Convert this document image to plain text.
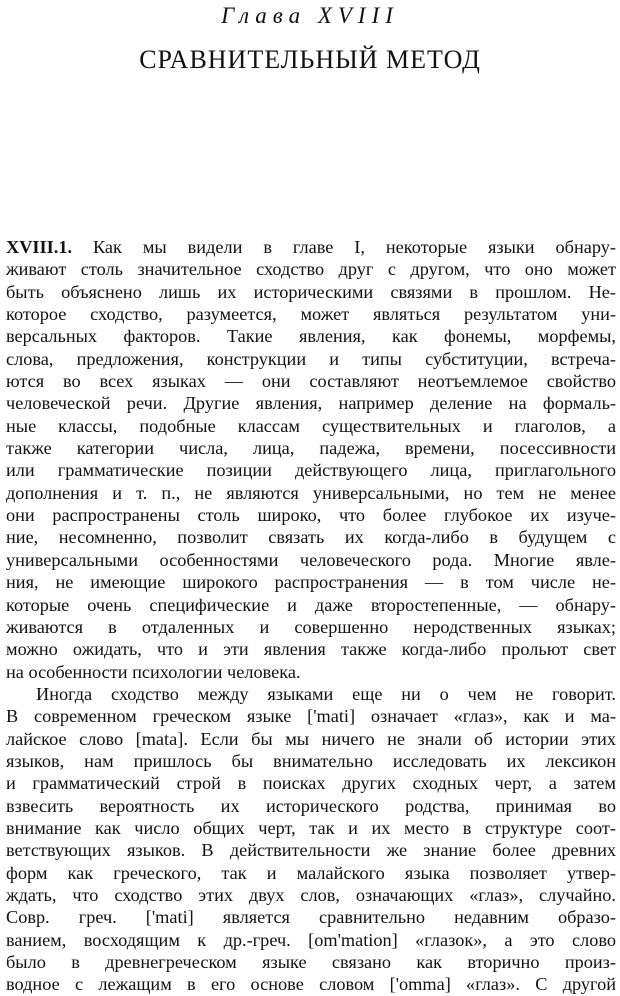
Глава XVIII
СРАВНИТЕЛЬНЫЙ МЕТОД
XVIII.1. Как мы видели в главе I, некоторые языки обнару-
живают столь значительное сходство друг с другом, что оно может
быть объяснено лишь их историческими связями в прошлом. Не-
которое сходство, разумеется, может являться результатом уни-
версальных факторов. Такие явления, как фонемы, морфемы,
слова, предложения, конструкции и типы субституции, встреча-
ются во всех языках — они составляют неотъемлемое свойство
человеческой речи. Другие явления, например деление на формаль-
ные классы, подобные классам существительных и глаголов, а
также категории числа, лица, падежа, времени, посессивности
или грамматические позиции действующего лица, приглагольного
дополнения и т. п., не являются универсальными, но тем не менее
они распространены столь широко, что более глубокое их изуче-
ние, несомненно, позволит связать их когда-либо в будущем с
универсальными особенностями человеческого рода. Многие явле-
ния, не имеющие широкого распространения — в том числе не-
которые очень специфические и даже второстепенные, — обнару-
живаются в отдаленных и совершенно неродственных языках;
можно ожидать, что и эти явления также когда-либо прольют свет
на особенности психологии человека.
Иногда сходство между языками еще ни о чем не говорит.
В современном греческом языке ['mati] означает «глаз», как и ма-
лайское слово [mata]. Если бы мы ничего не знали об истории этих
языков, нам пришлось бы внимательно исследовать их лексикон
и грамматический строй в поисках других сходных черт, а затем
взвесить вероятность их исторического родства, принимая во
внимание как число общих черт, так и их место в структуре соот-
ветствующих языков. В действительности же знание более древних
форм как греческого, так и малайского языка позволяет утвер-
ждать, что сходство этих двух слов, означающих «глаз», случайно.
Совр. греч. ['mati] является сравнительно недавним образо-
ванием, восходящим к др.-греч. [om'mation] «глазок», а это слово
было в древнегреческом языке связано как вторично произ-
водное с лежащим в его основе словом ['omma] «глаз». С другой
